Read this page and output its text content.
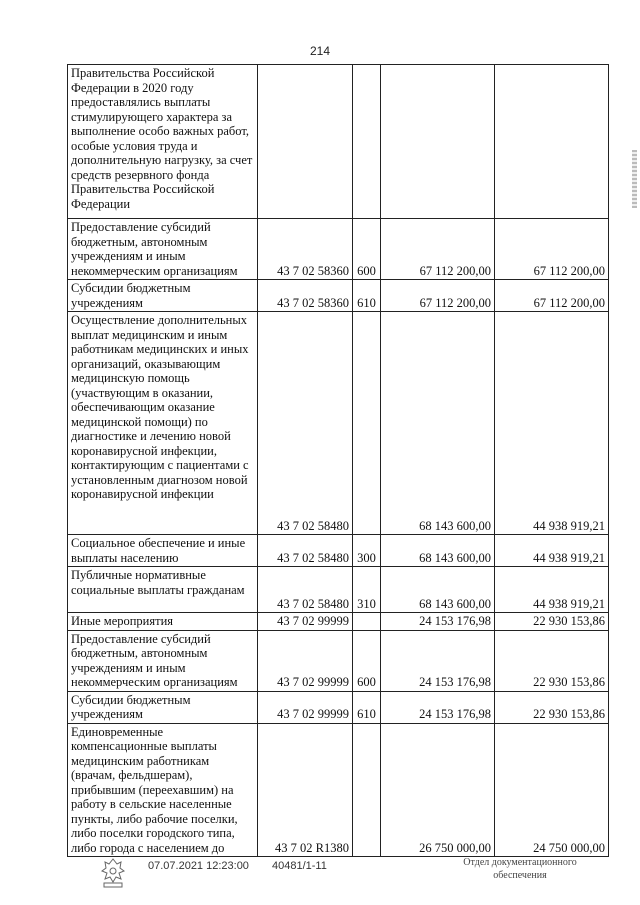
214
Правительства Российской Федерации в 2020 году предоставлялись выплаты стимулирующего характера за выполнение особо важных работ, особые условия труда и дополнительную нагрузку, за счет средств резервного фонда Правительства Российской Федерации				
Предоставление субсидий бюджетным, автономным учреждениям и иным некоммерческим организациям	43 7 02 58360	600	67 112 200,00	67 112 200,00
Субсидии бюджетным учреждениям	43 7 02 58360	610	67 112 200,00	67 112 200,00
Осуществление дополнительных выплат медицинским и иным работникам медицинских и иных организаций, оказывающим медицинскую помощь (участвующим в оказании, обеспечивающим оказание медицинской помощи) по диагностике и лечению новой коронавирусной инфекции, контактирующим с пациентами с установленным диагнозом новой коронавирусной инфекции	43 7 02 58480		68 143 600,00	44 938 919,21
Социальное обеспечение и иные выплаты населению	43 7 02 58480	300	68 143 600,00	44 938 919,21
Публичные нормативные социальные выплаты гражданам	43 7 02 58480	310	68 143 600,00	44 938 919,21
Иные мероприятия	43 7 02 99999		24 153 176,98	22 930 153,86
Предоставление субсидий бюджетным, автономным учреждениям и иным некоммерческим организациям	43 7 02 99999	600	24 153 176,98	22 930 153,86
Субсидии бюджетным учреждениям	43 7 02 99999	610	24 153 176,98	22 930 153,86
Единовременные компенсационные выплаты медицинским работникам (врачам, фельдшерам), прибывшим (переехавшим) на работу в сельские населенные пункты, либо рабочие поселки, либо поселки городского типа, либо города с населением до	43 7 02 R1380		26 750 000,00	24 750 000,00
07.07.2021 12:23:00 40481/1-11	Отдел документационного
обеспечения
